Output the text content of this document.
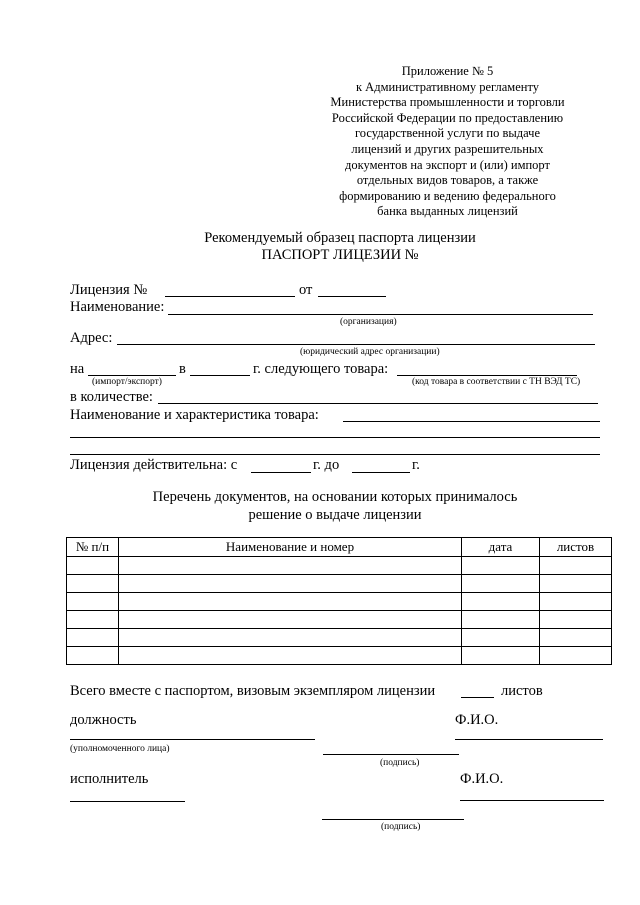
Приложение № 5
к Административному регламенту
Министерства промышленности и торговли
Российской Федерации по предоставлению
государственной услуги по выдаче
лицензий и других разрешительных
документов на экспорт и (или) импорт
отдельных видов товаров, а также
формированию и ведению федерального
банка выданных лицензий
Рекомендуемый образец паспорта лицензии
ПАСПОРТ ЛИЦЕЗИИ №
Лицензия №	от
Наименование:
(организация)
Адрес:
(юридический адрес организации)
на	в	г. следующего товара:
(импорт/экспорт)	(код товара в соответствии с ТН ВЭД ТС)
в количестве:
Наименование и характеристика товара:
Лицензия действительна: с	г. до	г.
Перечень документов, на основании которых принималось
решение о выдаче лицензии
№ п/п	Наименование и номер	дата	листов

Всего вместе с паспортом, визовым экземпляром лицензии	листов
должность	Ф.И.О.
(уполномоченного лица)
(подпись)
исполнитель	Ф.И.О.
(подпись)
